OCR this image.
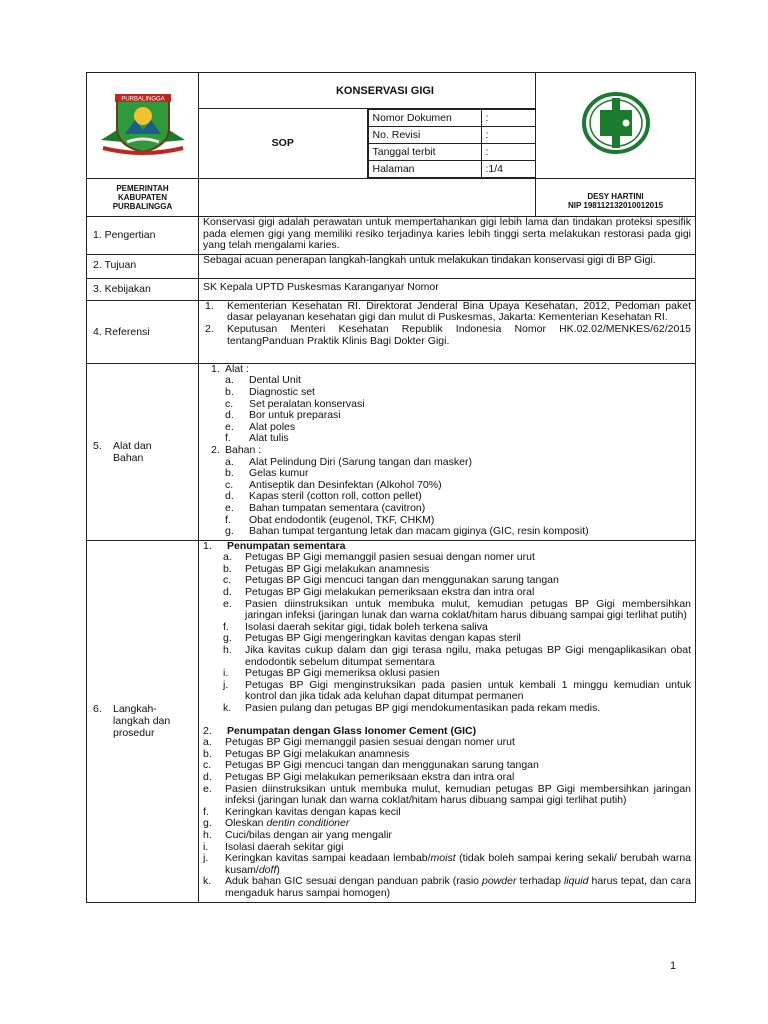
PURBALINGGA

KONSERVASI GIGI
SOP	
Nomor Dokumen	:
No. Revisi	:
Tanggal terbit	:
Halaman	:1/4

PEMERINTAH
KABUPATEN
PURBALINGGA

DESY HARTINI
NIP 198112132010012015

1. Pengertian	Konservasi gigi adalah perawatan untuk mempertahankan gigi lebih lama dan tindakan proteksi spesifik pada elemen gigi yang memiliki resiko terjadinya karies lebih tinggi serta melakukan restorasi pada gigi yang telah mengalami karies.
2. Tujuan	Sebagai acuan penerapan langkah-langkah untuk melakukan tindakan konservasi gigi di BP Gigi.
3. Kebijakan	SK Kepala UPTD Puskesmas Karanganyar Nomor
4. Referensi	
1.	Kementerian Kesehatan RI. Direktorat Jenderal Bina Upaya Kesehatan, 2012, Pedoman paket dasar pelayanan kesehatan gigi dan mulut di Puskesmas, Jakarta: Kementerian Kesehatan RI.
2.	Keputusan Menteri Kesehatan Republik Indonesia Nomor HK.02.02/MENKES/62/2015 tentangPanduan Praktik Klinis Bagi Dokter Gigi.

5.	Alat dan Bahan

1. Alat :
a.	Dental Unit
b.	Diagnostic set
c.	Set peralatan konservasi
d.	Bor untuk preparasi
e.	Alat poles
f.	Alat tulis
2. Bahan :
a.	Alat Pelindung Diri (Sarung tangan dan masker)
b.	Gelas kumur
c.	Antiseptik dan Desinfektan (Alkohol 70%)
d.	Kapas steril (cotton roll, cotton pellet)
e.	Bahan tumpatan sementara (cavitron)
f.	Obat endodontik (eugenol, TKF, CHKM)
g.	Bahan tumpat tergantung letak dan macam giginya (GIC, resin komposit)

6.	Langkah-langkah dan prosedur

1.	Penumpatan sementara
a.	Petugas BP Gigi memanggil pasien sesuai dengan nomer urut
b.	Petugas BP Gigi melakukan anamnesis
c.	Petugas BP Gigi mencuci tangan dan menggunakan sarung tangan
d.	Petugas BP Gigi melakukan pemeriksaan ekstra dan intra oral
e.	Pasien diinstruksikan untuk membuka mulut, kemudian petugas BP Gigi membersihkan jaringan infeksi (jaringan lunak dan warna coklat/hitam harus dibuang sampai gigi terlihat putih)
f.	Isolasi daerah sekitar gigi, tidak boleh terkena saliva
g.	Petugas BP Gigi mengeringkan kavitas dengan kapas steril
h.	Jika kavitas cukup dalam dan gigi terasa ngilu, maka petugas BP Gigi mengaplikasikan obat endodontik sebelum ditumpat sementara
i.	Petugas BP Gigi memeriksa oklusi pasien
j.	Petugas BP Gigi menginstruksikan pada pasien untuk kembali 1 minggu kemudian untuk kontrol dan jika tidak ada keluhan dapat ditumpat permanen
k.	Pasien pulang dan petugas BP gigi mendokumentasikan pada rekam medis.
2.	Penumpatan dengan Glass Ionomer Cement (GIC)
a.	Petugas BP Gigi memanggil pasien sesuai dengan nomer urut
b.	Petugas BP Gigi melakukan anamnesis
c.	Petugas BP Gigi mencuci tangan dan menggunakan sarung tangan
d.	Petugas BP Gigi melakukan pemeriksaan ekstra dan intra oral
e.	Pasien diinstruksikan untuk membuka mulut, kemudian petugas BP Gigi membersihkan jaringan infeksi (jaringan lunak dan warna coklat/hitam harus dibuang sampai gigi terlihat putih)
f.	Keringkan kavitas dengan kapas kecil
g.	Oleskan dentin conditioner
h.	Cuci/bilas dengan air yang mengalir
i.	Isolasi daerah sekitar gigi
j.	Keringkan kavitas sampai keadaan lembab/moist (tidak boleh sampai kering sekali/ berubah warna kusam/doff)
k.	Aduk bahan GIC sesuai dengan panduan pabrik (rasio powder terhadap liquid harus tepat, dan cara mengaduk harus sampai homogen)
1
